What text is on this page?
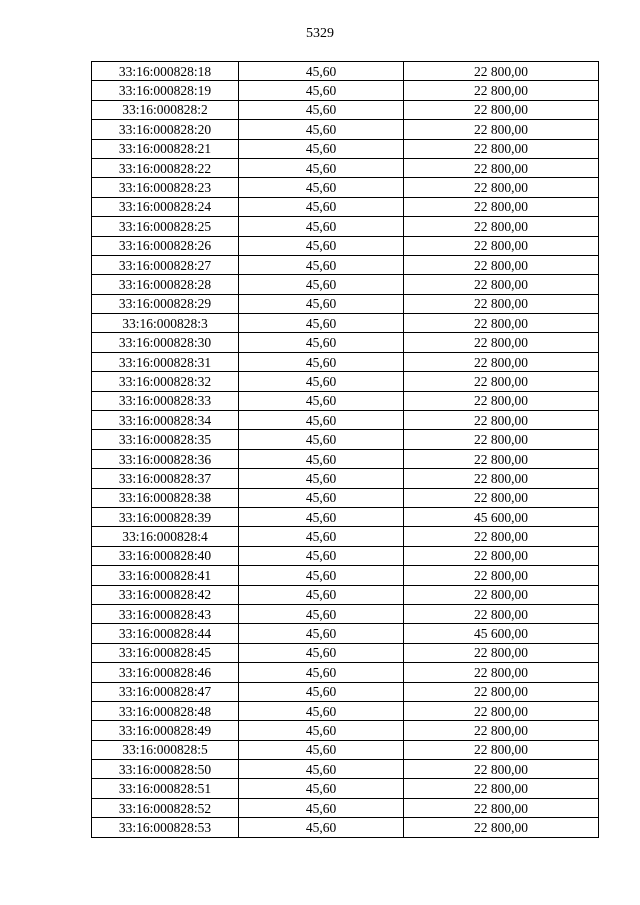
5329
33:16:000828:18	45,60	22 800,00
33:16:000828:19	45,60	22 800,00
33:16:000828:2	45,60	22 800,00
33:16:000828:20	45,60	22 800,00
33:16:000828:21	45,60	22 800,00
33:16:000828:22	45,60	22 800,00
33:16:000828:23	45,60	22 800,00
33:16:000828:24	45,60	22 800,00
33:16:000828:25	45,60	22 800,00
33:16:000828:26	45,60	22 800,00
33:16:000828:27	45,60	22 800,00
33:16:000828:28	45,60	22 800,00
33:16:000828:29	45,60	22 800,00
33:16:000828:3	45,60	22 800,00
33:16:000828:30	45,60	22 800,00
33:16:000828:31	45,60	22 800,00
33:16:000828:32	45,60	22 800,00
33:16:000828:33	45,60	22 800,00
33:16:000828:34	45,60	22 800,00
33:16:000828:35	45,60	22 800,00
33:16:000828:36	45,60	22 800,00
33:16:000828:37	45,60	22 800,00
33:16:000828:38	45,60	22 800,00
33:16:000828:39	45,60	45 600,00
33:16:000828:4	45,60	22 800,00
33:16:000828:40	45,60	22 800,00
33:16:000828:41	45,60	22 800,00
33:16:000828:42	45,60	22 800,00
33:16:000828:43	45,60	22 800,00
33:16:000828:44	45,60	45 600,00
33:16:000828:45	45,60	22 800,00
33:16:000828:46	45,60	22 800,00
33:16:000828:47	45,60	22 800,00
33:16:000828:48	45,60	22 800,00
33:16:000828:49	45,60	22 800,00
33:16:000828:5	45,60	22 800,00
33:16:000828:50	45,60	22 800,00
33:16:000828:51	45,60	22 800,00
33:16:000828:52	45,60	22 800,00
33:16:000828:53	45,60	22 800,00
